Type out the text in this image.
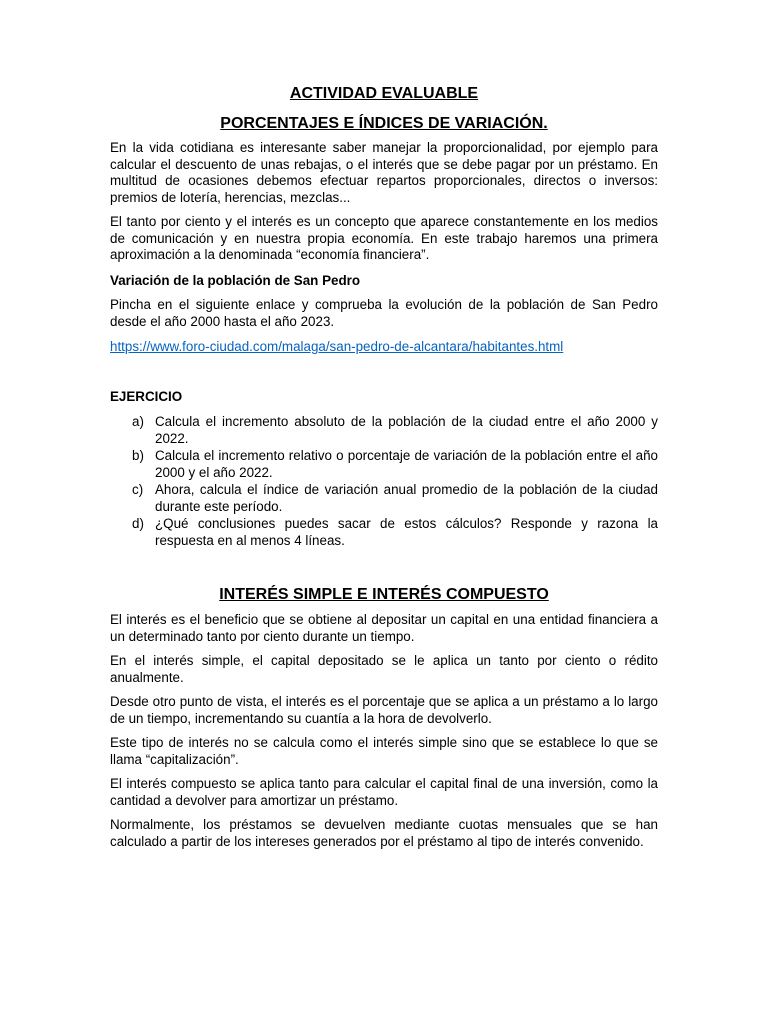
ACTIVIDAD EVALUABLE
PORCENTAJES E ÍNDICES DE VARIACIÓN.

En la vida cotidiana es interesante saber manejar la proporcionalidad, por ejemplo para calcular el descuento de unas rebajas, o el interés que se debe pagar por un préstamo. En multitud de ocasiones debemos efectuar repartos proporcionales, directos o inversos: premios de lotería, herencias, mezclas...

El tanto por ciento y el interés es un concepto que aparece constantemente en los medios de comunicación y en nuestra propia economía. En este trabajo haremos una primera aproximación a la denominada “economía financiera”.

Variación de la población de San Pedro

Pincha en el siguiente enlace y comprueba la evolución de la población de San Pedro desde el año 2000 hasta el año 2023.

https://www.foro-ciudad.com/malaga/san-pedro-de-alcantara/habitantes.html
EJERCICIO
a) Calcula el incremento absoluto de la población de la ciudad entre el año 2000 y 2022.
b) Calcula el incremento relativo o porcentaje de variación de la población entre el año 2000 y el año 2022.
c) Ahora, calcula el índice de variación anual promedio de la población de la ciudad durante este período.
d) ¿Qué conclusiones puedes sacar de estos cálculos? Responde y razona la respuesta en al menos 4 líneas.
INTERÉS SIMPLE E INTERÉS COMPUESTO

El interés es el beneficio que se obtiene al depositar un capital en una entidad financiera a un determinado tanto por ciento durante un tiempo.

En el interés simple, el capital depositado se le aplica un tanto por ciento o rédito anualmente.

Desde otro punto de vista, el interés es el porcentaje que se aplica a un préstamo a lo largo de un tiempo, incrementando su cuantía a la hora de devolverlo.

Este tipo de interés no se calcula como el interés simple sino que se establece lo que se llama “capitalización”.

El interés compuesto se aplica tanto para calcular el capital final de una inversión, como la cantidad a devolver para amortizar un préstamo.

Normalmente, los préstamos se devuelven mediante cuotas mensuales que se han calculado a partir de los intereses generados por el préstamo al tipo de interés convenido.
